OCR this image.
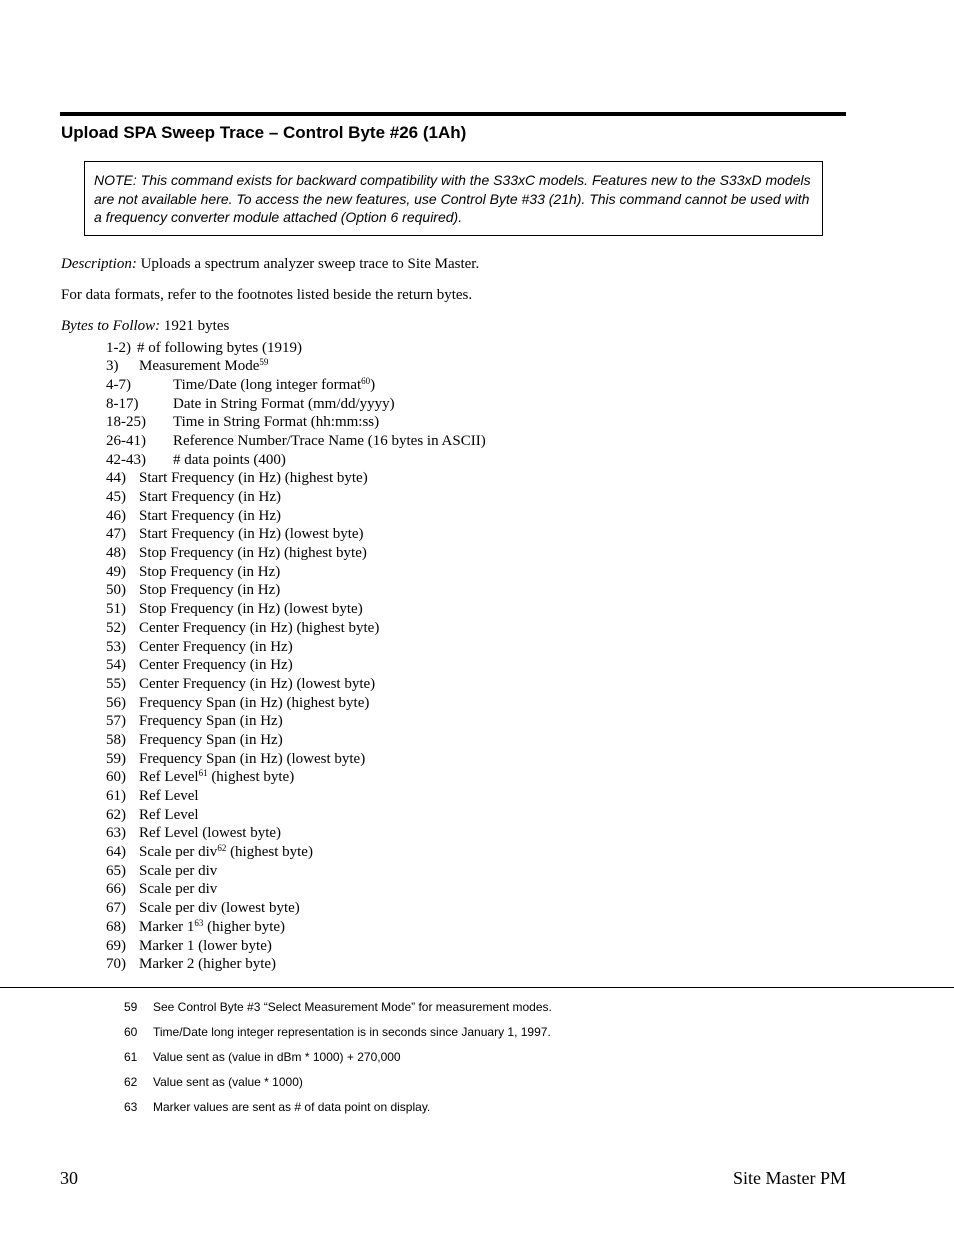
Upload SPA Sweep Trace – Control Byte #26 (1Ah)
NOTE: This command exists for backward compatibility with the S33xC models. Features new to the S33xD models are not available here. To access the new features, use Control Byte #33 (21h). This command cannot be used with a frequency converter module attached (Option 6 required).

Description: Uploads a spectrum analyzer sweep trace to Site Master.

For data formats, refer to the footnotes listed beside the return bytes.

Bytes to Follow: 1921 bytes

1-2) # of following bytes (1919)
3) Measurement Mode$^{59}$
4-7)	Time/Date (long integer format$^{60}$)
8-17) Date in String Format (mm/dd/yyyy)
18-25) Time in String Format (hh:mm:ss)
26-41) Reference Number/Trace Name (16 bytes in ASCII)
42-43) # data points (400)
44) Start Frequency (in Hz) (highest byte)
45) Start Frequency (in Hz)
46) Start Frequency (in Hz)
47) Start Frequency (in Hz) (lowest byte)
48) Stop Frequency (in Hz) (highest byte)
49) Stop Frequency (in Hz)
50) Stop Frequency (in Hz)
51) Stop Frequency (in Hz) (lowest byte)
52) Center Frequency (in Hz) (highest byte)
53) Center Frequency (in Hz)
54) Center Frequency (in Hz)
55) Center Frequency (in Hz) (lowest byte)
56) Frequency Span (in Hz) (highest byte)
57) Frequency Span (in Hz)
58) Frequency Span (in Hz)
59) Frequency Span (in Hz) (lowest byte)
60) Ref Level$^{61}$ (highest byte)
61) Ref Level
62) Ref Level
63) Ref Level (lowest byte)
64) Scale per div$^{62}$ (highest byte)
65) Scale per div
66) Scale per div
67) Scale per div (lowest byte)
68) Marker $1^{63}$ (higher byte)
69) Marker 1 (lower byte)
70) Marker 2 (higher byte)
59 See Control Byte #3 “Select Measurement Mode” for measurement modes.
60 Time/Date long integer representation is in seconds since January 1, 1997.
61 Value sent as (value in dBm * 1000) + 270,000
62 Value sent as (value * 1000)
63 Marker values are sent as # of data point on display.
30	Site Master PM
